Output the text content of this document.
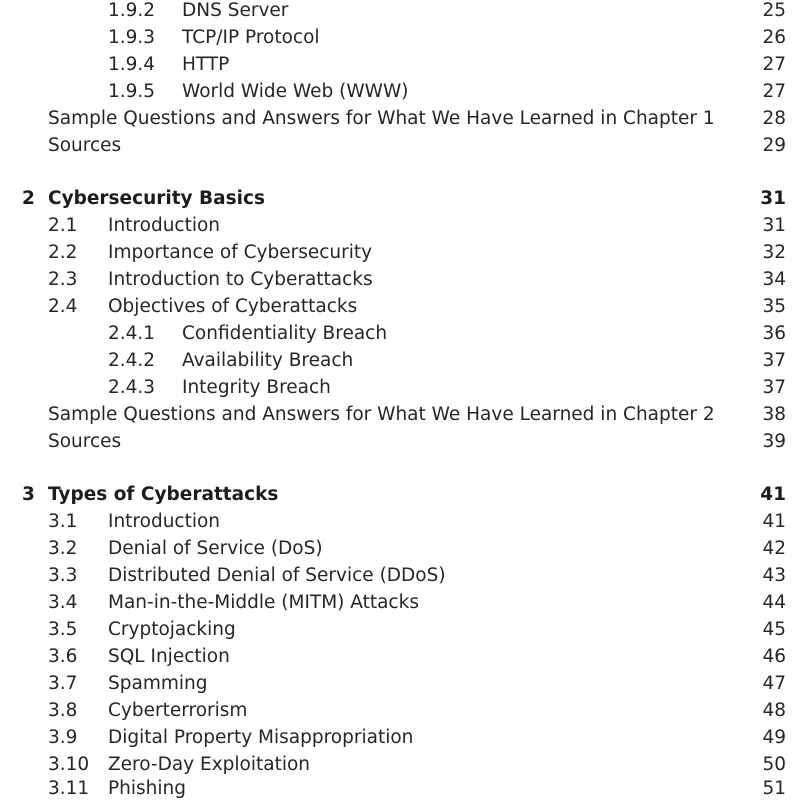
1.9.2 DNS Server	25
1.9.3 TCP/IP Protocol	26
1.9.4 HTTP	27
1.9.5 World Wide Web (WWW)	27
Sample Questions and Answers for What We Have Learned in Chapter 1	28
Sources	29
2 Cybersecurity Basics	31
2.1 Introduction	31
2.2 Importance of Cybersecurity	32
2.3 Introduction to Cyberattacks	34
2.4 Objectives of Cyberattacks	35
2.4.1 Confidentiality Breach	36
2.4.2 Availability Breach	37
2.4.3 Integrity Breach	37
Sample Questions and Answers for What We Have Learned in Chapter 2	38
Sources	39
3 Types of Cyberattacks	41
3.1 Introduction	41
3.2 Denial of Service (DoS)	42
3.3 Distributed Denial of Service (DDoS)	43
3.4 Man-in-the-Middle (MITM) Attacks	44
3.5 Cryptojacking	45
3.6 SQL Injection	46
3.7 Spamming	47
3.8 Cyberterrorism	48
3.9 Digital Property Misappropriation	49
3.10 Zero-Day Exploitation	50
3.11 Phishing	51
